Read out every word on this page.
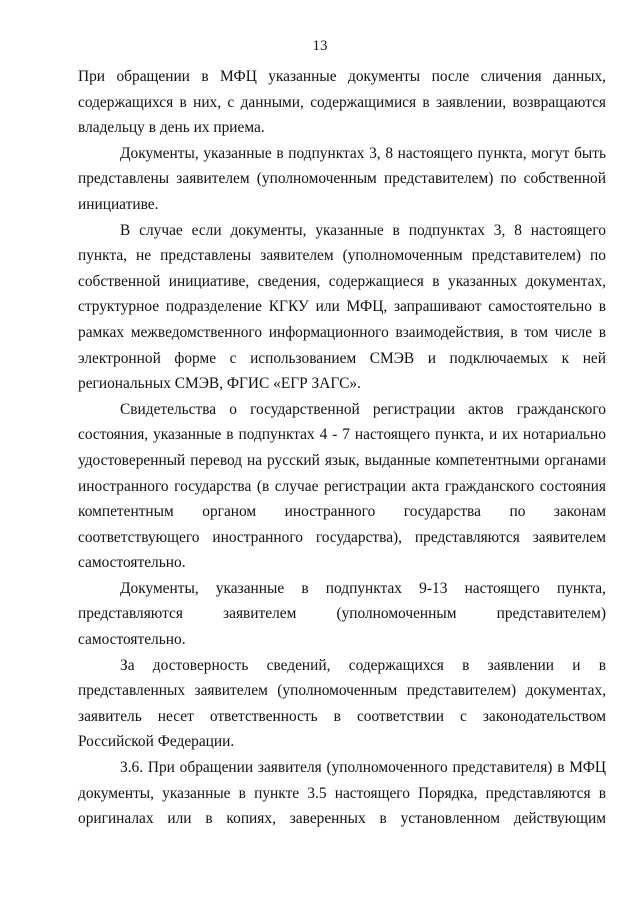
13

При обращении в МФЦ указанные документы после сличения данных, содержащихся в них, с данными, содержащимися в заявлении, возвращаются владельцу в день их приема.

Документы, указанные в подпунктах 3, 8 настоящего пункта, могут быть представлены заявителем (уполномоченным представителем) по собственной инициативе.

В случае если документы, указанные в подпунктах 3, 8 настоящего пункта, не представлены заявителем (уполномоченным представителем) по собственной инициативе, сведения, содержащиеся в указанных документах, структурное подразделение КГКУ или МФЦ, запрашивают самостоятельно в рамках межведомственного информационного взаимодействия, в том числе в электронной форме с использованием СМЭВ и подключаемых к ней региональных СМЭВ, ФГИС «ЕГР ЗАГС».

Свидетельства о государственной регистрации актов гражданского состояния, указанные в подпунктах 4 - 7 настоящего пункта, и их нотариально удостоверенный перевод на русский язык, выданные компетентными органами иностранного государства (в случае регистрации акта гражданского состояния компетентным органом иностранного государства по законам соответствующего иностранного государства), представляются заявителем самостоятельно.

Документы, указанные в подпунктах 9-13 настоящего пункта, представляются заявителем (уполномоченным представителем) самостоятельно.

За достоверность сведений, содержащихся в заявлении и в представленных заявителем (уполномоченным представителем) документах, заявитель несет ответственность в соответствии с законодательством Российской Федерации.

3.6. При обращении заявителя (уполномоченного представителя) в МФЦ документы, указанные в пункте 3.5 настоящего Порядка, представляются в оригиналах или в копиях, заверенных в установленном действующим
